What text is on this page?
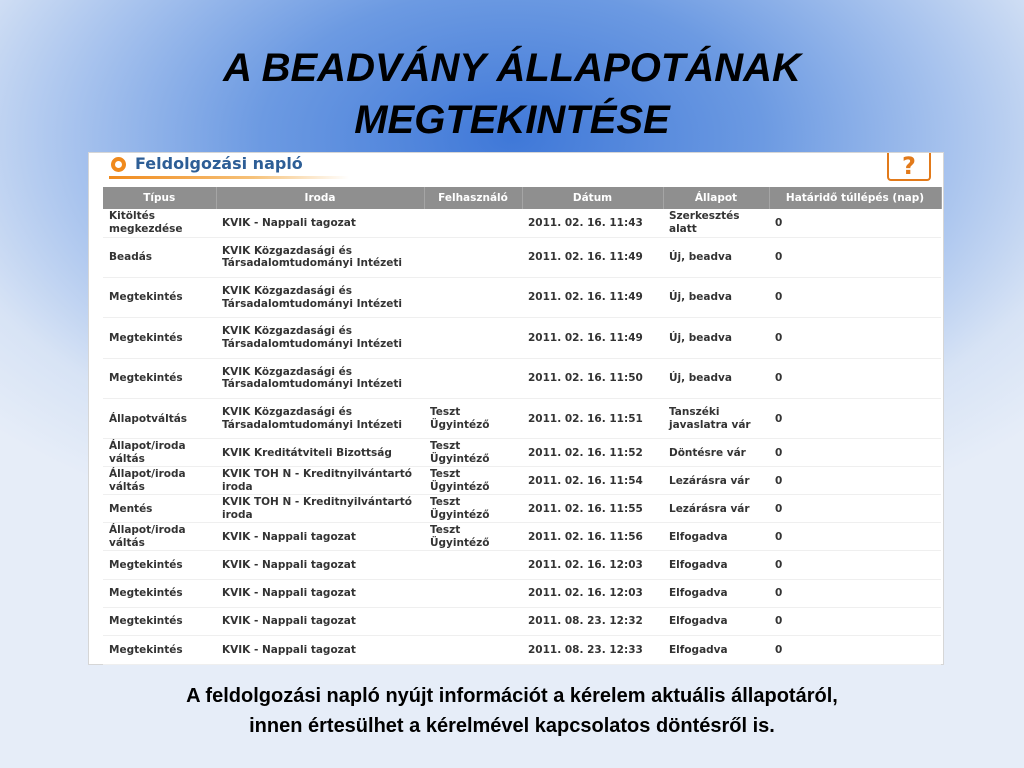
A BEADVÁNY ÁLLAPOTÁNAK
MEGTEKINTÉSE
Feldolgozási napló	?
Típus	Iroda	Felhasználó	Dátum	Állapot	Határidő túllépés (nap)
Kitöltés megkezdése	KVIK - Nappali tagozat		2011. 02. 16. 11:43	Szerkesztés alatt	0
Beadás	KVIK Közgazdasági és Társadalomtudományi Intézeti		2011. 02. 16. 11:49	Új, beadva	0
Megtekintés	KVIK Közgazdasági és Társadalomtudományi Intézeti		2011. 02. 16. 11:49	Új, beadva	0
Megtekintés	KVIK Közgazdasági és Társadalomtudományi Intézeti		2011. 02. 16. 11:49	Új, beadva	0
Megtekintés	KVIK Közgazdasági és Társadalomtudományi Intézeti		2011. 02. 16. 11:50	Új, beadva	0
Állapotváltás	KVIK Közgazdasági és Társadalomtudományi Intézeti	Teszt Ügyintéző	2011. 02. 16. 11:51	Tanszéki javaslatra vár	0
Állapot/iroda váltás	KVIK Kreditátviteli Bizottság	Teszt Ügyintéző	2011. 02. 16. 11:52	Döntésre vár	0
Állapot/iroda váltás	KVIK TOH N - Kreditnyilvántartó iroda	Teszt Ügyintéző	2011. 02. 16. 11:54	Lezárásra vár	0
Mentés	KVIK TOH N - Kreditnyilvántartó iroda	Teszt Ügyintéző	2011. 02. 16. 11:55	Lezárásra vár	0
Állapot/iroda váltás	KVIK - Nappali tagozat	Teszt Ügyintéző	2011. 02. 16. 11:56	Elfogadva	0
Megtekintés	KVIK - Nappali tagozat		2011. 02. 16. 12:03	Elfogadva	0
Megtekintés	KVIK - Nappali tagozat		2011. 02. 16. 12:03	Elfogadva	0
Megtekintés	KVIK - Nappali tagozat		2011. 08. 23. 12:32	Elfogadva	0
Megtekintés	KVIK - Nappali tagozat		2011. 08. 23. 12:33	Elfogadva	0
A feldolgozási napló nyújt információt a kérelem aktuális állapotáról,
innen értesülhet a kérelmével kapcsolatos döntésről is.
